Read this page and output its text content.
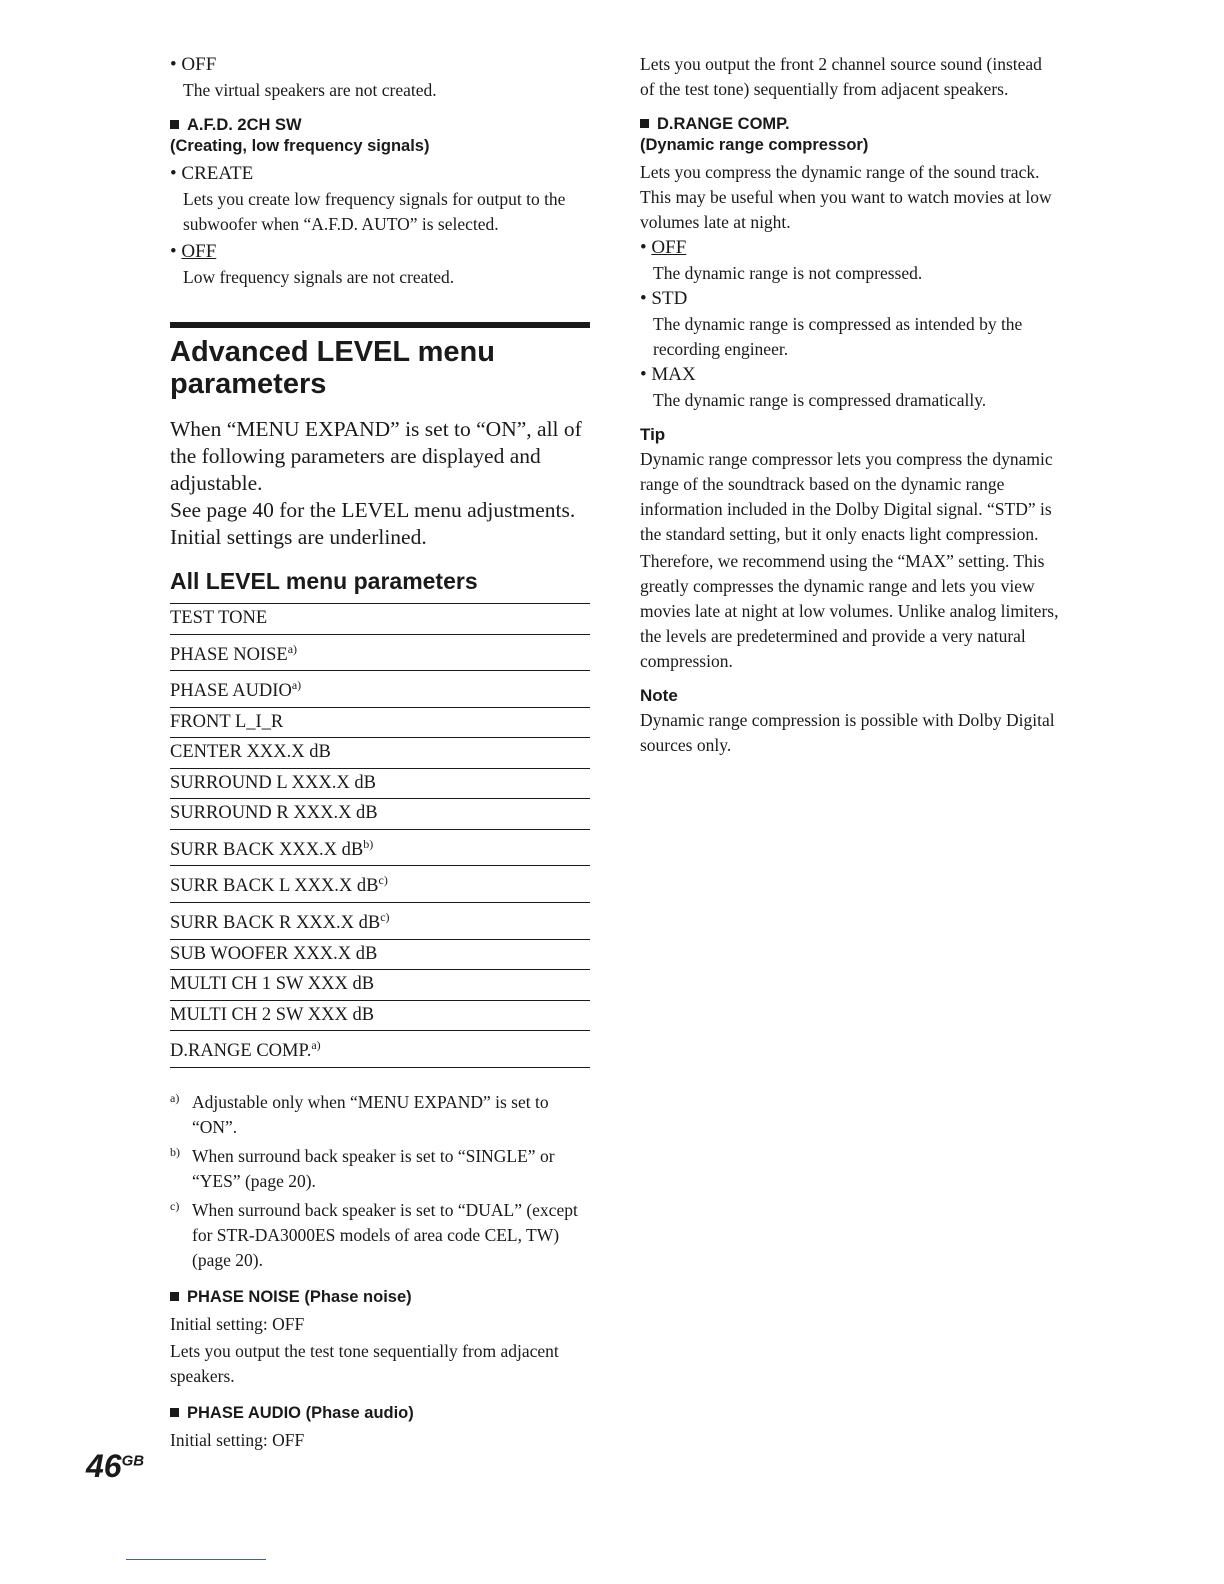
• OFF

The virtual speakers are not created.

A.F.D. 2CH SW
(Creating, low frequency signals)
• CREATE

Lets you create low frequency signals for output to the subwoofer when “A.F.D. AUTO” is selected.

• OFF

Low frequency signals are not created.

Advanced LEVEL menu
parameters

When “MENU EXPAND” is set to “ON”, all of the following parameters are displayed and adjustable.

See page 40 for the LEVEL menu adjustments.

Initial settings are underlined.

All LEVEL menu parameters
TEST TONE
PHASE NOISE$^{a)}$
PHASE AUDIO$^{a)}$
FRONT L_I_R
CENTER XXX.X dB
SURROUND L XXX.X dB
SURROUND R XXX.X dB
SURR BACK XXX.X $dB^{b)}$
SURR BACK L XXX.X $dB^{c)}$
SURR BACK R XXX.X $dB^{c)}$
SUB WOOFER XXX.X dB
MULTI CH 1 SW XXX dB
MULTI CH 2 SW XXX dB
D.RANGE COMP.$^{a)}$
a) Adjustable only when “MENU EXPAND” is set to “ON”.
b) When surround back speaker is set to “SINGLE” or “YES” (page 20).
c) When surround back speaker is set to “DUAL” (except for STR-DA3000ES models of area code CEL, TW) (page 20).
PHASE NOISE (Phase noise)

Initial setting: OFF

Lets you output the test tone sequentially from adjacent speakers.

PHASE AUDIO (Phase audio)

Initial setting: OFF

Lets you output the front 2 channel source sound (instead of the test tone) sequentially from adjacent speakers.

D.RANGE COMP.
(Dynamic range compressor)

Lets you compress the dynamic range of the sound track. This may be useful when you want to watch movies at low volumes late at night.

• OFF

The dynamic range is not compressed.

• STD

The dynamic range is compressed as intended by the recording engineer.

• MAX

The dynamic range is compressed dramatically.

Tip

Dynamic range compressor lets you compress the dynamic range of the soundtrack based on the dynamic range information included in the Dolby Digital signal. “STD” is the standard setting, but it only enacts light compression.

Therefore, we recommend using the “MAX” setting. This greatly compresses the dynamic range and lets you view movies late at night at low volumes. Unlike analog limiters, the levels are predetermined and provide a very natural compression.

Note

Dynamic range compression is possible with Dolby Digital sources only.

$46^{GB}$
